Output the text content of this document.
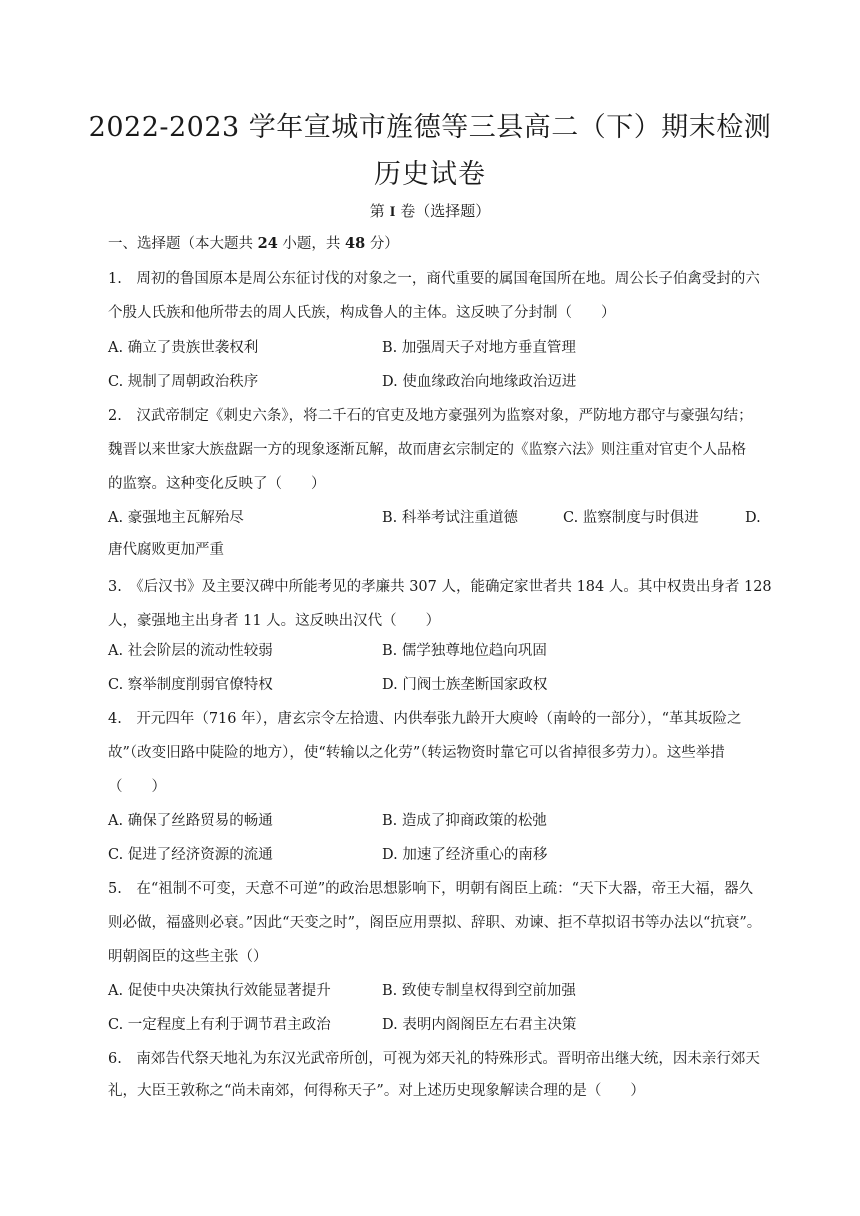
2022-2023 学年宣城市旌德等三县高二（下）期末检测
历史试卷
第 I 卷（选择题）
一、选择题（本大题共 24 小题，共 48 分）
1.　周初的鲁国原本是周公东征讨伐的对象之一，商代重要的属国奄国所在地。周公长子伯禽受封的六
个殷人氏族和他所带去的周人氏族，构成鲁人的主体。这反映了分封制（　　）
A. 确立了贵族世袭权利	B. 加强周天子对地方垂直管理
C. 规制了周朝政治秩序	D. 使血缘政治向地缘政治迈进
2.　汉武帝制定《刺史六条》，将二千石的官吏及地方豪强列为监察对象，严防地方郡守与豪强勾结；
魏晋以来世家大族盘踞一方的现象逐渐瓦解，故而唐玄宗制定的《监察六法》则注重对官吏个人品格
的监察。这种变化反映了（　　）
A. 豪强地主瓦解殆尽	B. 科举考试注重道德	C. 监察制度与时俱进	D.
唐代腐败更加严重
3.　《后汉书》及主要汉碑中所能考见的孝廉共 307 人，能确定家世者共 184 人。其中权贵出身者 128
人，豪强地主出身者 11 人。这反映出汉代（　　）
A. 社会阶层的流动性较弱	B. 儒学独尊地位趋向巩固
C. 察举制度削弱官僚特权	D. 门阀士族垄断国家政权
4.　开元四年（716 年），唐玄宗令左拾遗、内供奉张九龄开大庾岭（南岭的一部分），“革其坂险之
故”（改变旧路中陡险的地方），使“转输以之化劳”（转运物资时靠它可以省掉很多劳力）。这些举措
（　　）
A. 确保了丝路贸易的畅通	B. 造成了抑商政策的松弛
C. 促进了经济资源的流通	D. 加速了经济重心的南移
5.　在“祖制不可变，天意不可逆”的政治思想影响下，明朝有阁臣上疏：“天下大器，帝王大福，器久
则必做，福盛则必衰。”因此“天变之时”，阁臣应用票拟、辞职、劝谏、拒不草拟诏书等办法以“抗衰”。
明朝阁臣的这些主张（）
A. 促使中央决策执行效能显著提升	B. 致使专制皇权得到空前加强
C. 一定程度上有利于调节君主政治	D. 表明内阁阁臣左右君主决策
6.　南郊告代祭天地礼为东汉光武帝所创，可视为郊天礼的特殊形式。晋明帝出继大统，因未亲行郊天
礼，大臣王敦称之“尚未南郊，何得称天子”。对上述历史现象解读合理的是（　　）
